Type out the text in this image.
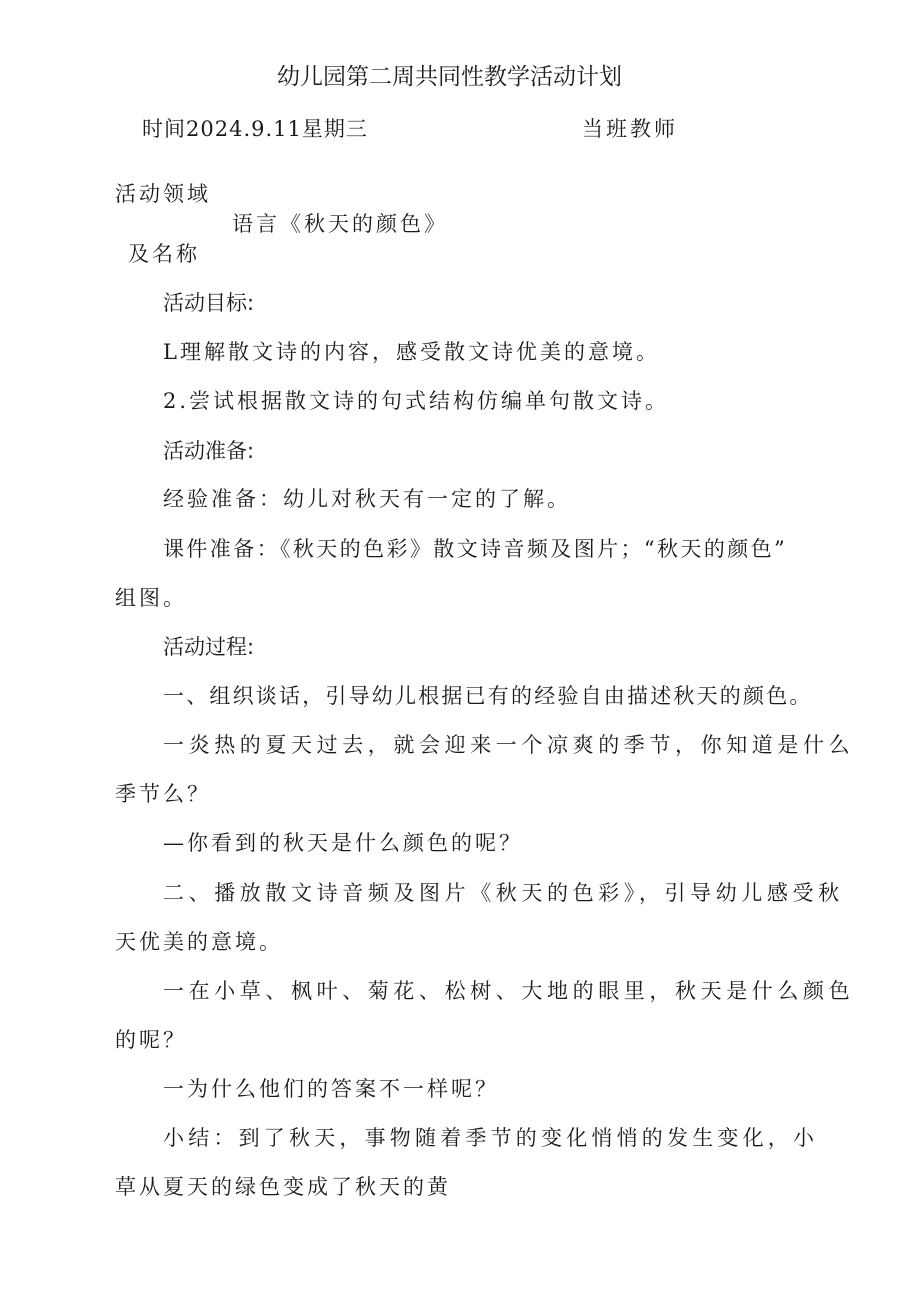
幼儿园第二周共同性教学活动计划
时间2024.9.11星期三	当班教师
活动领域
语言《秋天的颜色》
及名称
活动目标:
L理解散文诗的内容，感受散文诗优美的意境。
2.尝试根据散文诗的句式结构仿编单句散文诗。
活动准备:
经验准备：幼儿对秋天有一定的了解。
课件准备：《秋天的色彩》散文诗音频及图片；“秋天的颜色”
组图。
活动过程:
一、组织谈话，引导幼儿根据已有的经验自由描述秋天的颜色。
一炎热的夏天过去，就会迎来一个凉爽的季节，你知道是什么
季节么？
—你看到的秋天是什么颜色的呢？
二、播放散文诗音频及图片《秋天的色彩》，引导幼儿感受秋
天优美的意境。
一在小草、枫叶、菊花、松树、大地的眼里，秋天是什么颜色
的呢？
一为什么他们的答案不一样呢？
小结：到了秋天，事物随着季节的变化悄悄的发生变化，小
草从夏天的绿色变成了秋天的黄
